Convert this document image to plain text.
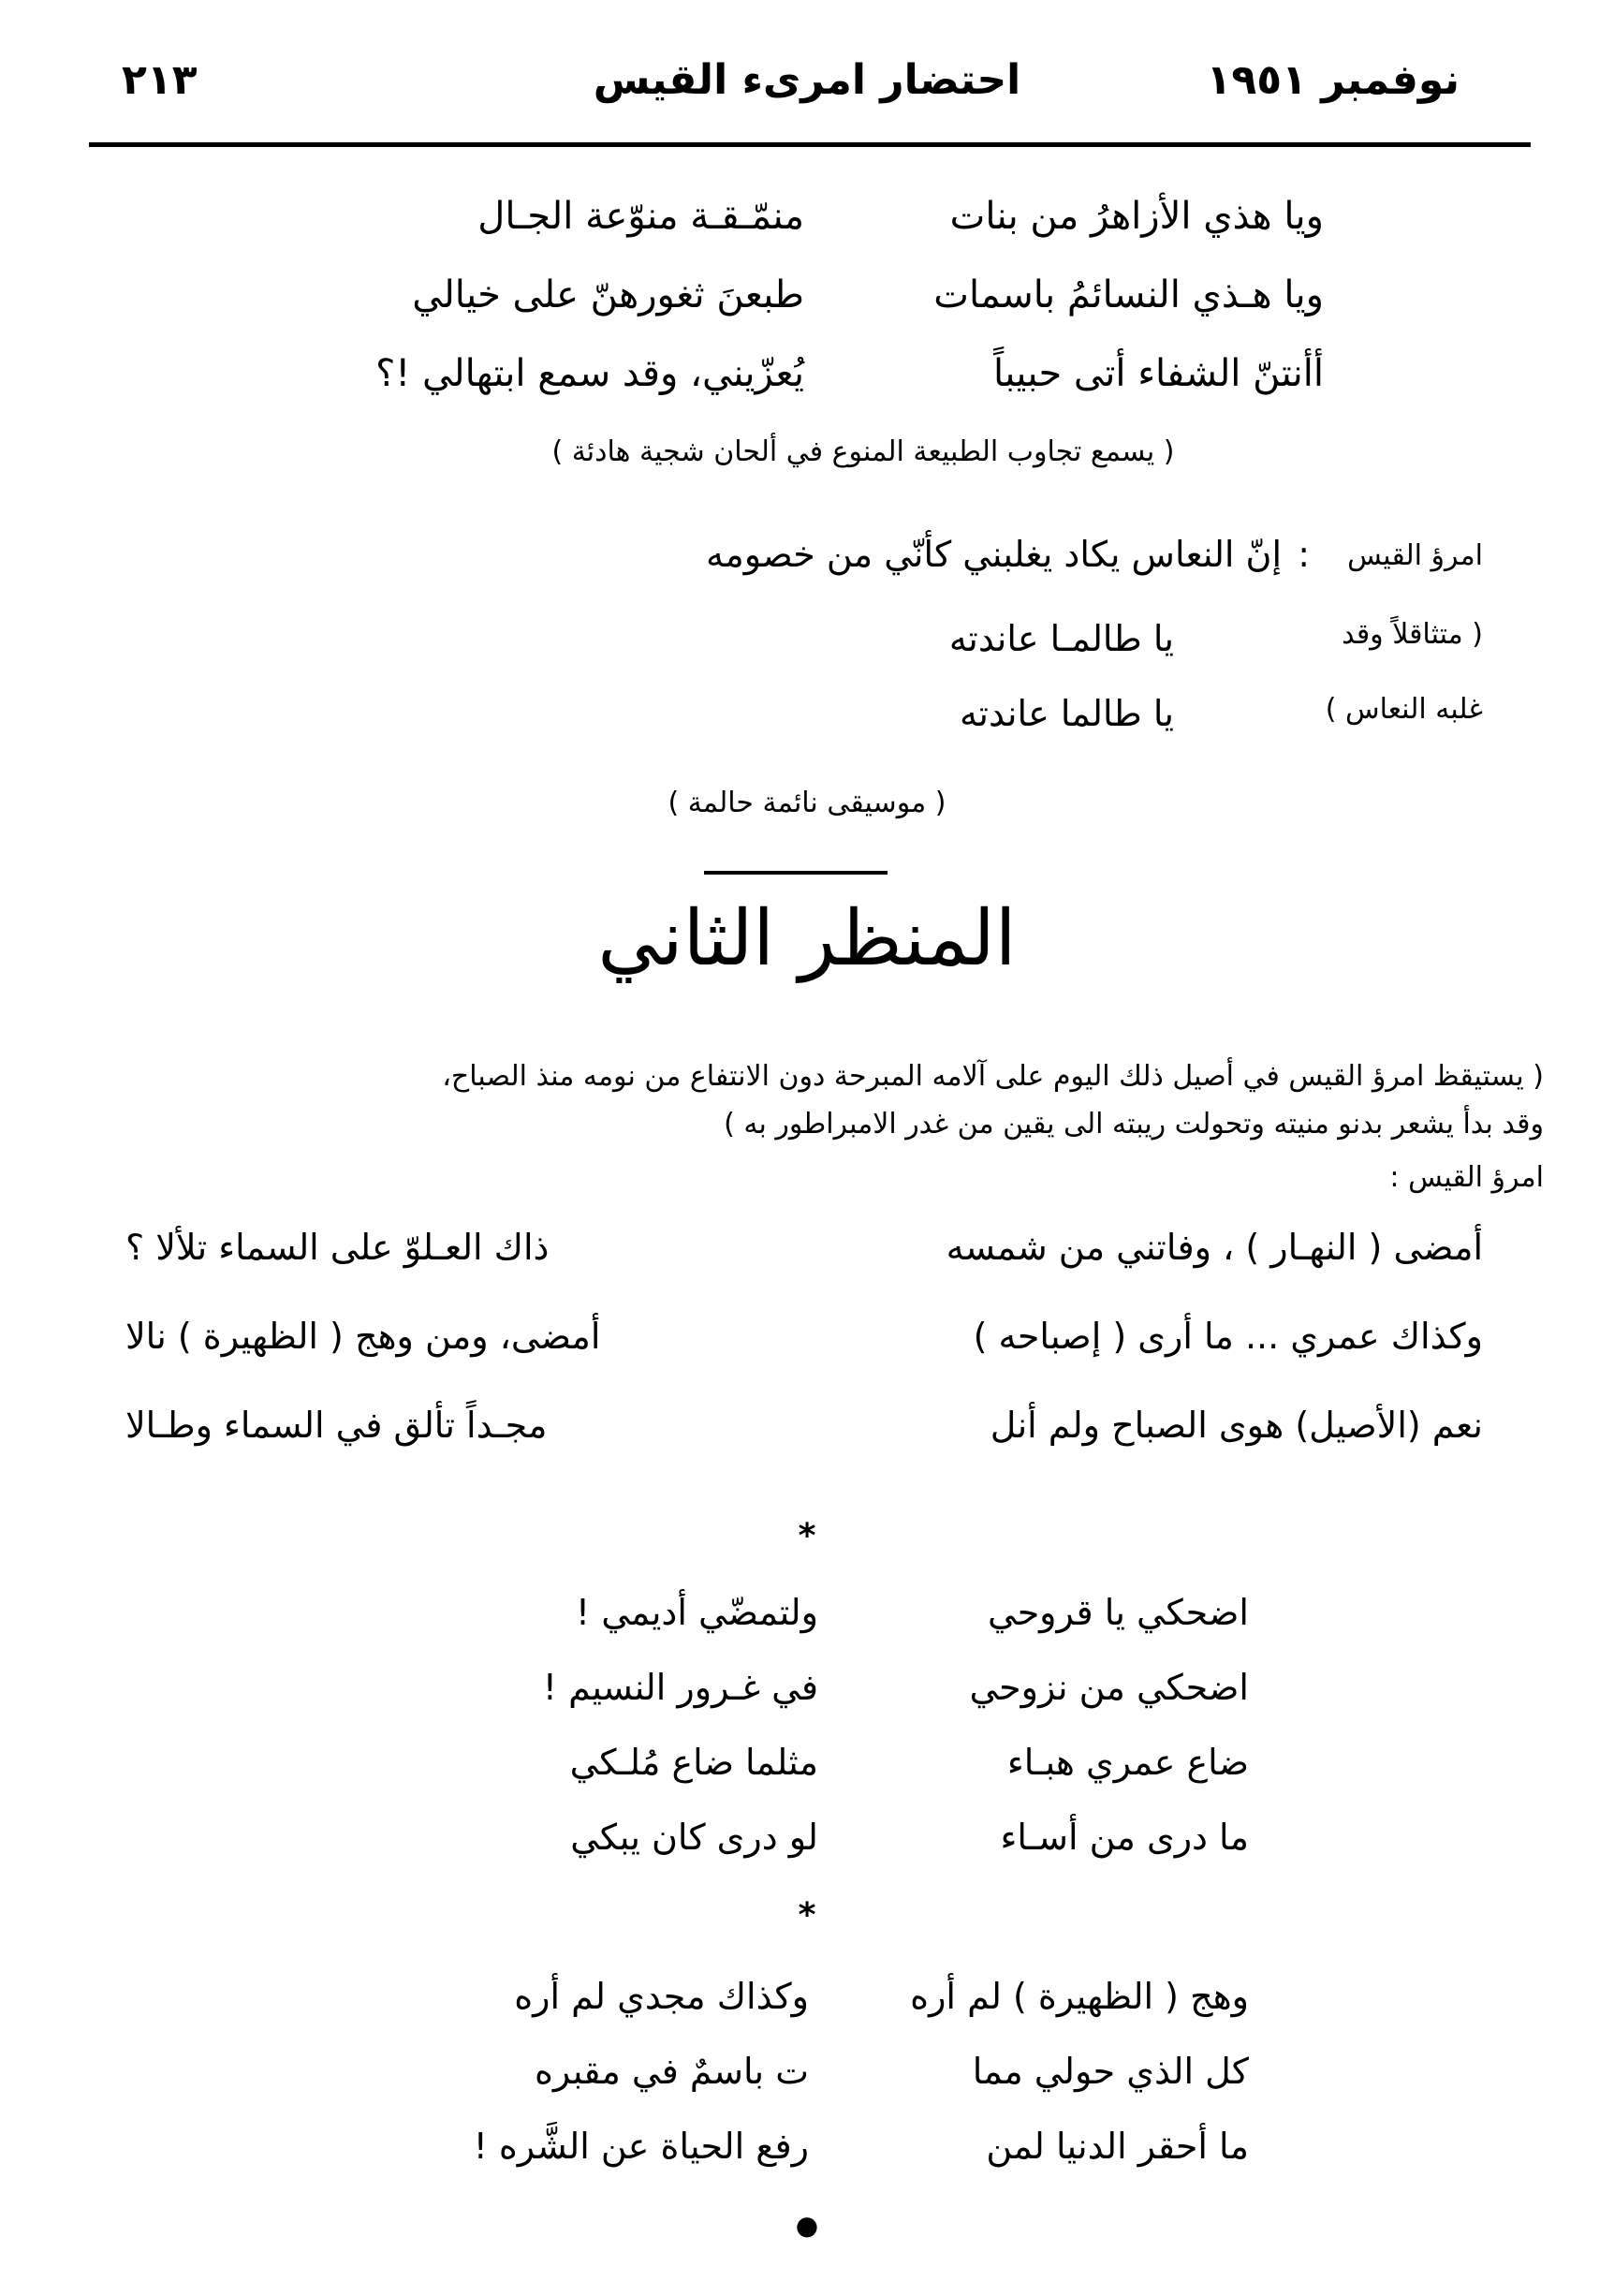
نوفمبر ١٩٥١
احتضار امرىء القيس
٢١٣
ويا هذي الأزاهرُ من بنات
منمّـقـة منوّعة الجـال
ويا هـذي النسائمُ باسمات
طبعنَ ثغورهنّ على خيالي
أأنتنّ الشفاء أتى حبيباً
يُعزّيني، وقد سمع ابتهالي !؟
( يسمع تجاوب الطبيعة المنوع في ألحان شجية هادئة )
امرؤ القيس
:
إنّ النعاس يكاد يغلبني كأنّي من خصومه
( متثاقلاً وقد
يا طالمـا عاندته
غلبه النعاس )
يا طالما عاندته
( موسيقى نائمة حالمة )
المنظر الثاني
( يستيقظ امرؤ القيس في أصيل ذلك اليوم على آلامه المبرحة دون الانتفاع من نومه منذ الصباح،
وقد بدأ يشعر بدنو منيته وتحولت ريبته الى يقين من غدر الامبراطور به )
امرؤ القيس :
أمضى ( النهـار ) ، وفاتني من شمسه
ذاك العـلوّ على السماء تلألا ؟
وكذاك عمري ... ما أرى ( إصباحه )
أمضى، ومن وهج ( الظهيرة ) نالا
نعم (الأصيل) هوى الصباح ولم أنل
مجـداً تألق في السماء وطـالا
*
اضحكي يا قروحي
ولتمضّي أديمي !
اضحكي من نزوحي
في غـرور النسيم !
ضاع عمري هبـاء
مثلما ضاع مُلـكي
ما درى من أسـاء
لو درى كان يبكي
*
وهج ( الظهيرة ) لم أره
وكذاك مجدي لم أره
كل الذي حولي مما
ت باسمٌ في مقبره
ما أحقر الدنيا لمن
رفع الحياة عن الشَّره !
●
